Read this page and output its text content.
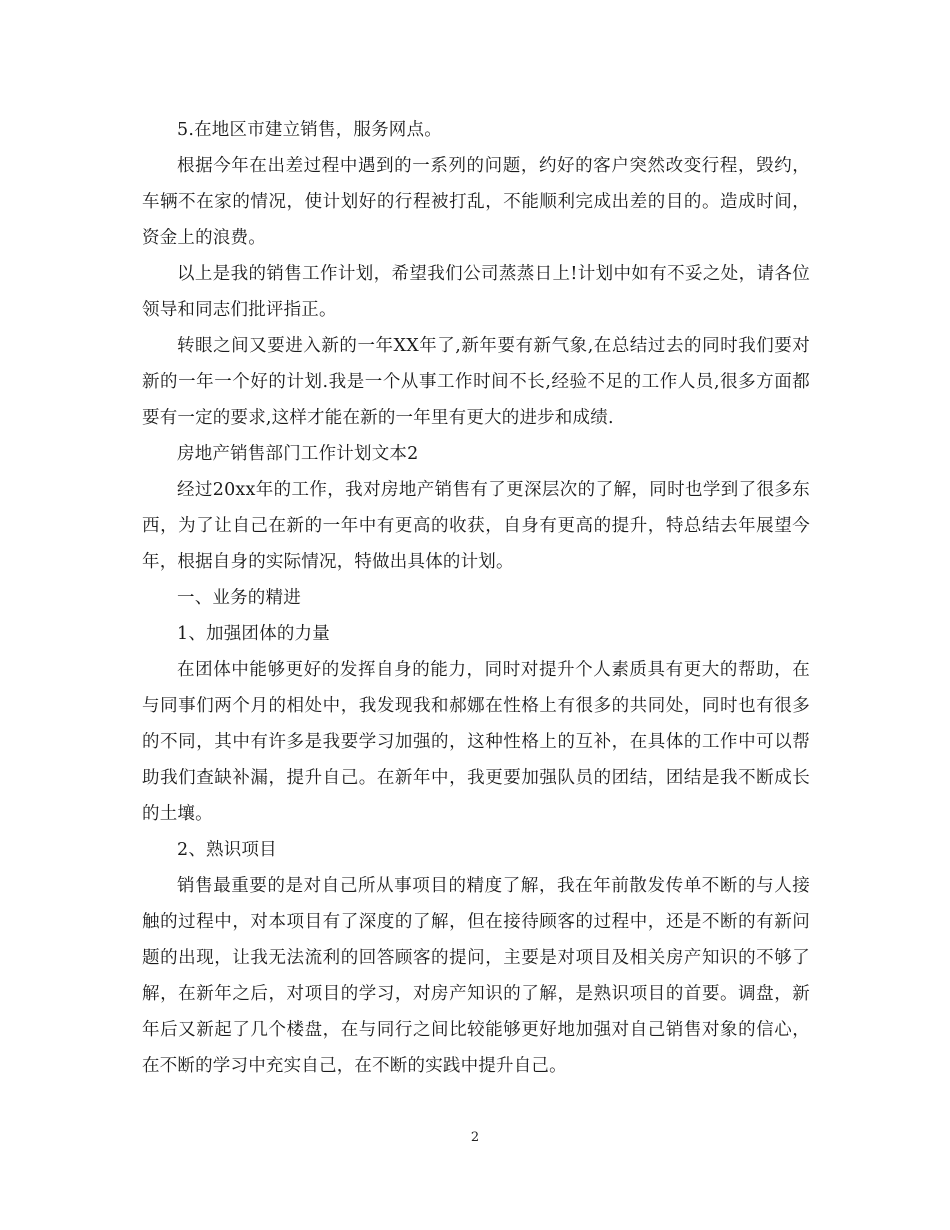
5.在地区市建立销售，服务网点。

根据今年在出差过程中遇到的一系列的问题，约好的客户突然改变行程，毁约，车辆不在家的情况，使计划好的行程被打乱，不能顺利完成出差的目的。造成时间，资金上的浪费。

以上是我的销售工作计划，希望我们公司蒸蒸日上!计划中如有不妥之处，请各位领导和同志们批评指正。

转眼之间又要进入新的一年XX年了,新年要有新气象,在总结过去的同时我们要对新的一年一个好的计划.我是一个从事工作时间不长,经验不足的工作人员,很多方面都要有一定的要求,这样才能在新的一年里有更大的进步和成绩.

房地产销售部门工作计划文本2

经过20xx年的工作，我对房地产销售有了更深层次的了解，同时也学到了很多东西，为了让自己在新的一年中有更高的收获，自身有更高的提升，特总结去年展望今年，根据自身的实际情况，特做出具体的计划。

一、业务的精进

1、加强团体的力量

在团体中能够更好的发挥自身的能力，同时对提升个人素质具有更大的帮助，在与同事们两个月的相处中，我发现我和郝娜在性格上有很多的共同处，同时也有很多的不同，其中有许多是我要学习加强的，这种性格上的互补，在具体的工作中可以帮助我们查缺补漏，提升自己。在新年中，我更要加强队员的团结，团结是我不断成长的土壤。

2、熟识项目

销售最重要的是对自己所从事项目的精度了解，我在年前散发传单不断的与人接触的过程中，对本项目有了深度的了解，但在接待顾客的过程中，还是不断的有新问题的出现，让我无法流利的回答顾客的提问，主要是对项目及相关房产知识的不够了解，在新年之后，对项目的学习，对房产知识的了解，是熟识项目的首要。调盘，新年后又新起了几个楼盘，在与同行之间比较能够更好地加强对自己销售对象的信心，在不断的学习中充实自己，在不断的实践中提升自己。

2
